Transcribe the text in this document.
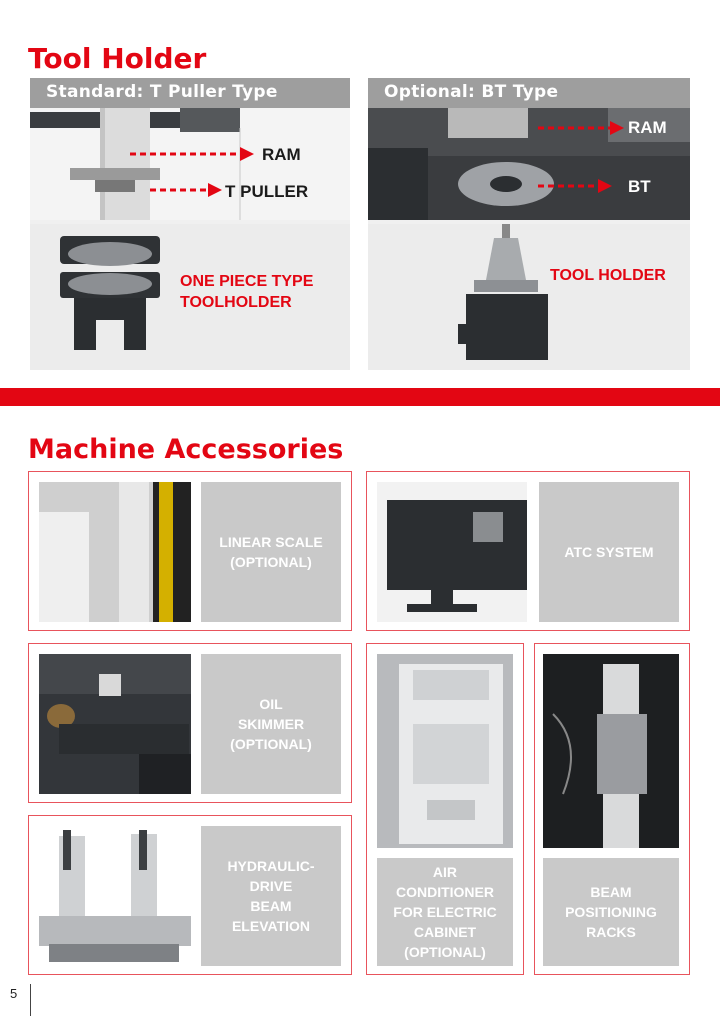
Tool Holder
Standard: T Puller Type
RAM
T PULLER
ONE PIECE TYPE
TOOLHOLDER
Optional: BT Type
RAM
BT
TOOL HOLDER
Machine Accessories
LINEAR SCALE
(OPTIONAL)
ATC SYSTEM
OIL
SKIMMER
(OPTIONAL)
AIR
CONDITIONER
FOR ELECTRIC
CABINET
(OPTIONAL)
BEAM
POSITIONING
RACKS
HYDRAULIC-
DRIVE
BEAM
ELEVATION
5
